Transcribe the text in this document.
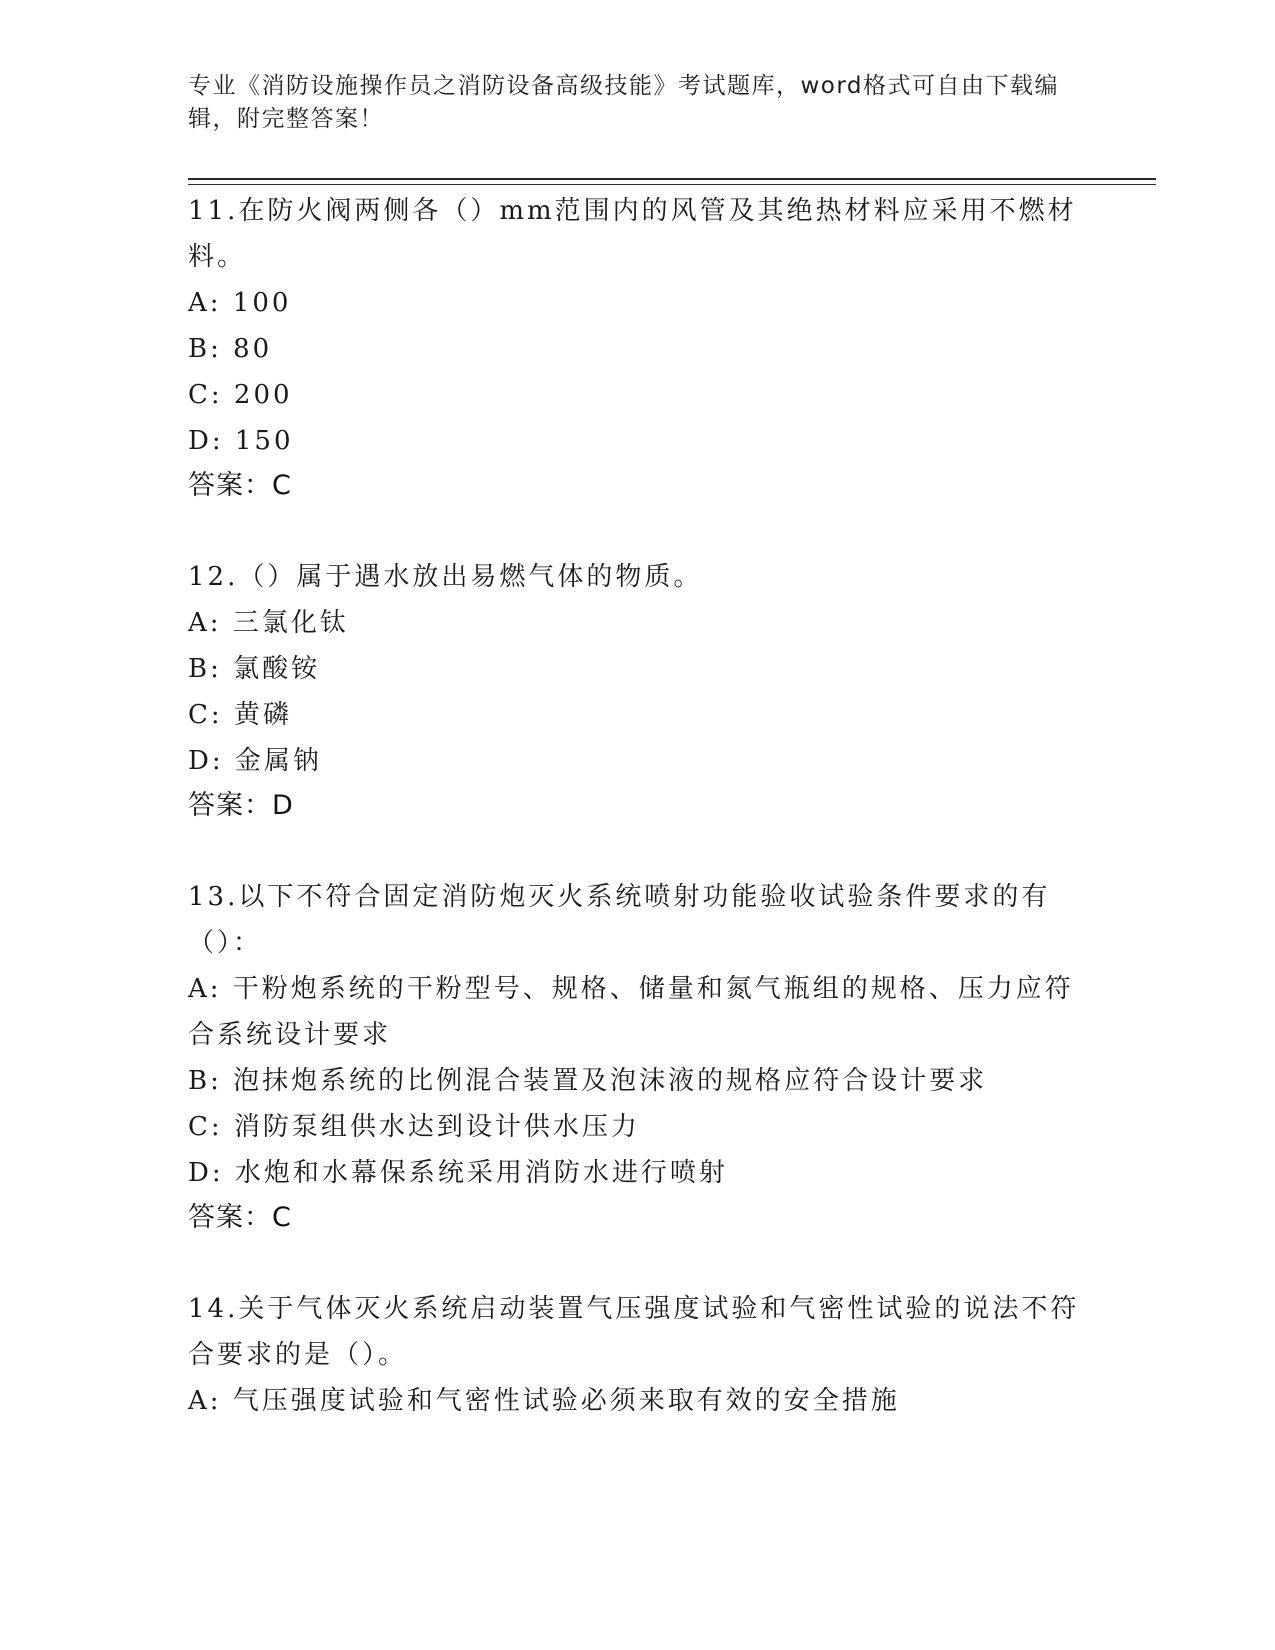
专业《消防设施操作员之消防设备高级技能》考试题库，word格式可自由下载编辑，附完整答案！

11.在防火阀两侧各（）mm范围内的风管及其绝热材料应采用不燃材料。

A: 100

B: 80

C: 200

D: 150

答案：C

12.（）属于遇水放出易燃气体的物质。

A: 三氯化钛

B: 氯酸铵

C: 黄磷

D: 金属钠

答案：D

13.以下不符合固定消防炮灭火系统喷射功能验收试验条件要求的有（）：

A: 干粉炮系统的干粉型号、规格、储量和氮气瓶组的规格、压力应符合系统设计要求

B: 泡抹炮系统的比例混合装置及泡沫液的规格应符合设计要求

C: 消防泵组供水达到设计供水压力

D: 水炮和水幕保系统采用消防水进行喷射

答案：C

14.关于气体灭火系统启动装置气压强度试验和气密性试验的说法不符合要求的是（）。

A: 气压强度试验和气密性试验必须来取有效的安全措施
